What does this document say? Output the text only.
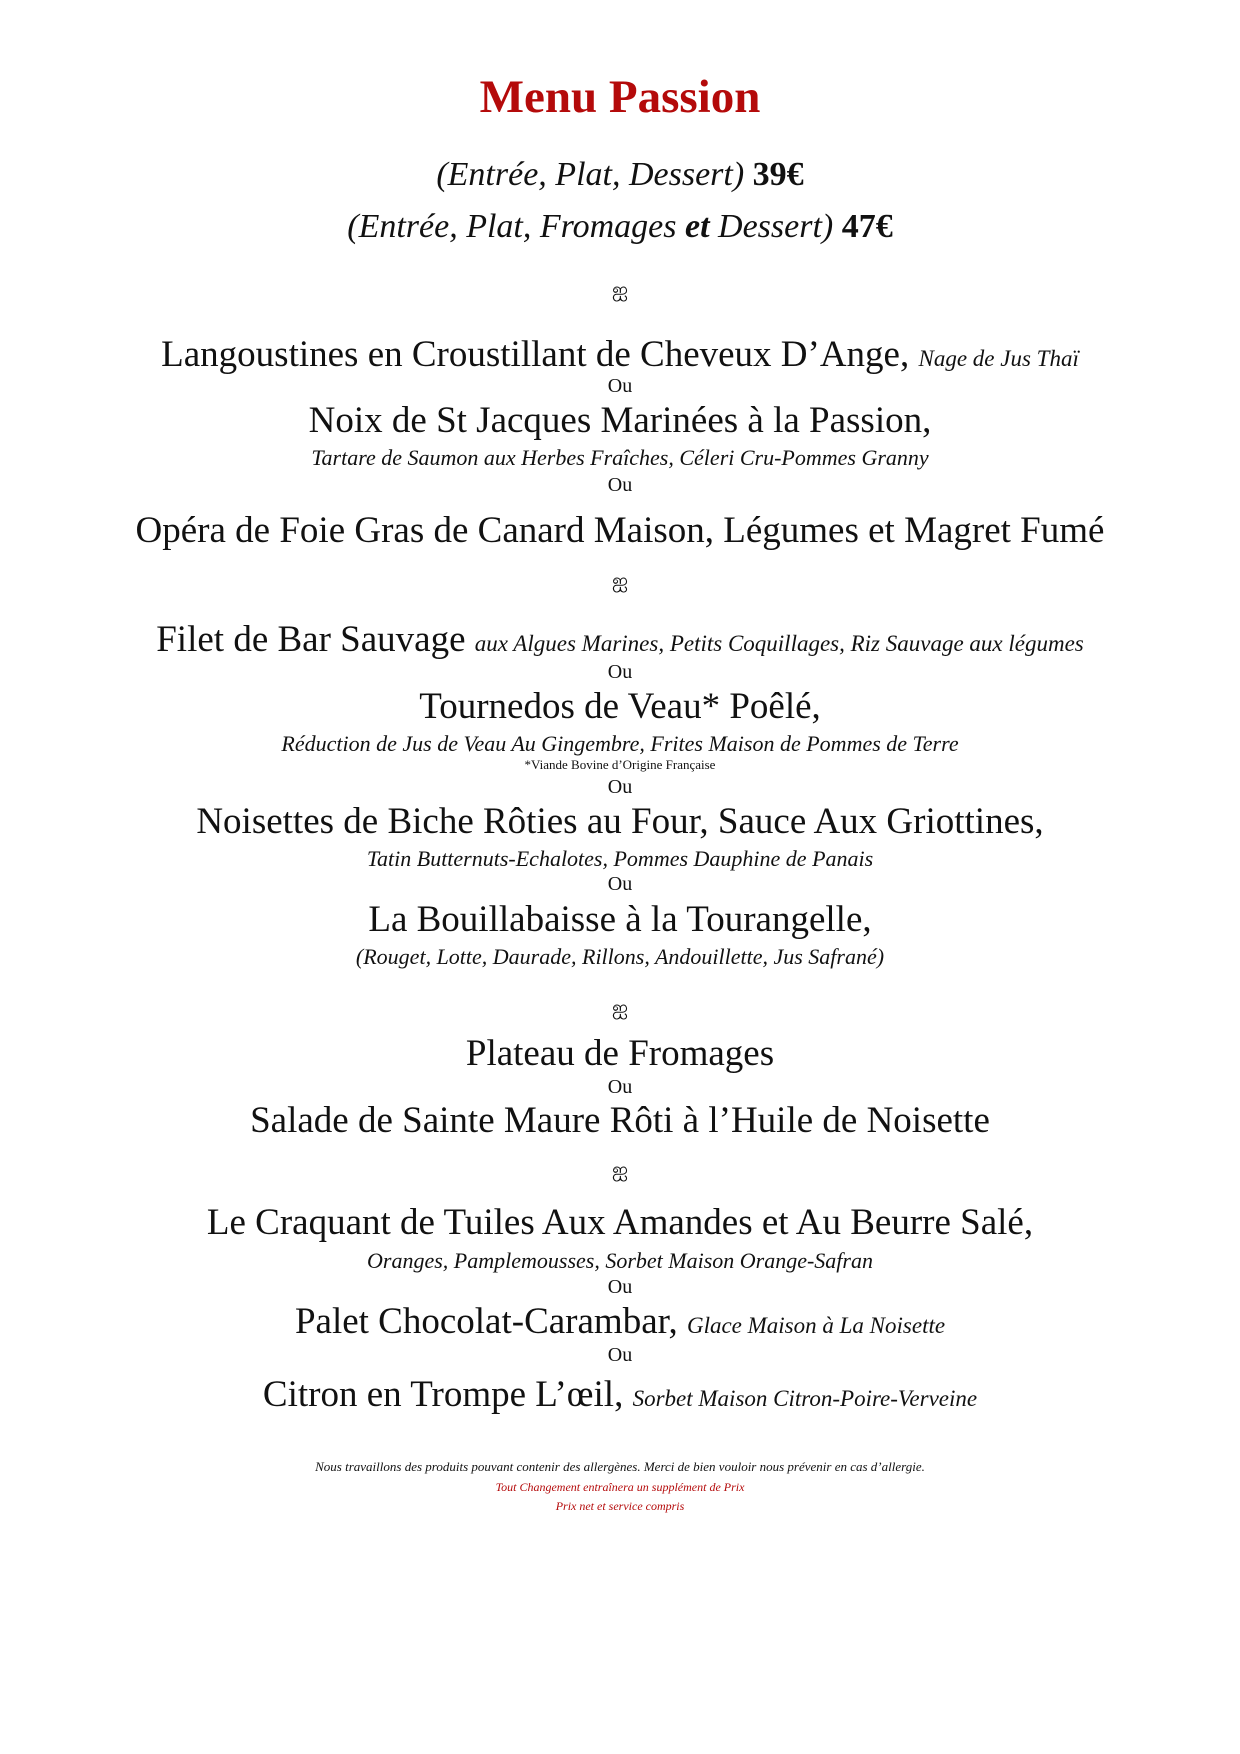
Menu Passion
(Entrée, Plat, Dessert) 39€
(Entrée, Plat, Fromages et Dessert) 47€
ஐ
Langoustines en Croustillant de Cheveux D’Ange, Nage de Jus Thaï
Ou
Noix de St Jacques Marinées à la Passion,
Tartare de Saumon aux Herbes Fraîches, Céleri Cru-Pommes Granny
Ou
Opéra de Foie Gras de Canard Maison, Légumes et Magret Fumé
ஐ
Filet de Bar Sauvage aux Algues Marines, Petits Coquillages, Riz Sauvage aux légumes
Ou
Tournedos de Veau* Poêlé,
Réduction de Jus de Veau Au Gingembre, Frites Maison de Pommes de Terre
*Viande Bovine d’Origine Française
Ou
Noisettes de Biche Rôties au Four, Sauce Aux Griottines,
Tatin Butternuts-Echalotes, Pommes Dauphine de Panais
Ou
La Bouillabaisse à la Tourangelle,
(Rouget, Lotte, Daurade, Rillons, Andouillette, Jus Safrané)
ஐ
Plateau de Fromages
Ou
Salade de Sainte Maure Rôti à l’Huile de Noisette
ஐ
Le Craquant de Tuiles Aux Amandes et Au Beurre Salé,
Oranges, Pamplemousses, Sorbet Maison Orange-Safran
Ou
Palet Chocolat-Carambar, Glace Maison à La Noisette
Ou
Citron en Trompe L’œil, Sorbet Maison Citron-Poire-Verveine
Nous travaillons des produits pouvant contenir des allergènes. Merci de bien vouloir nous prévenir en cas d’allergie.
Tout Changement entraînera un supplément de Prix
Prix net et service compris
